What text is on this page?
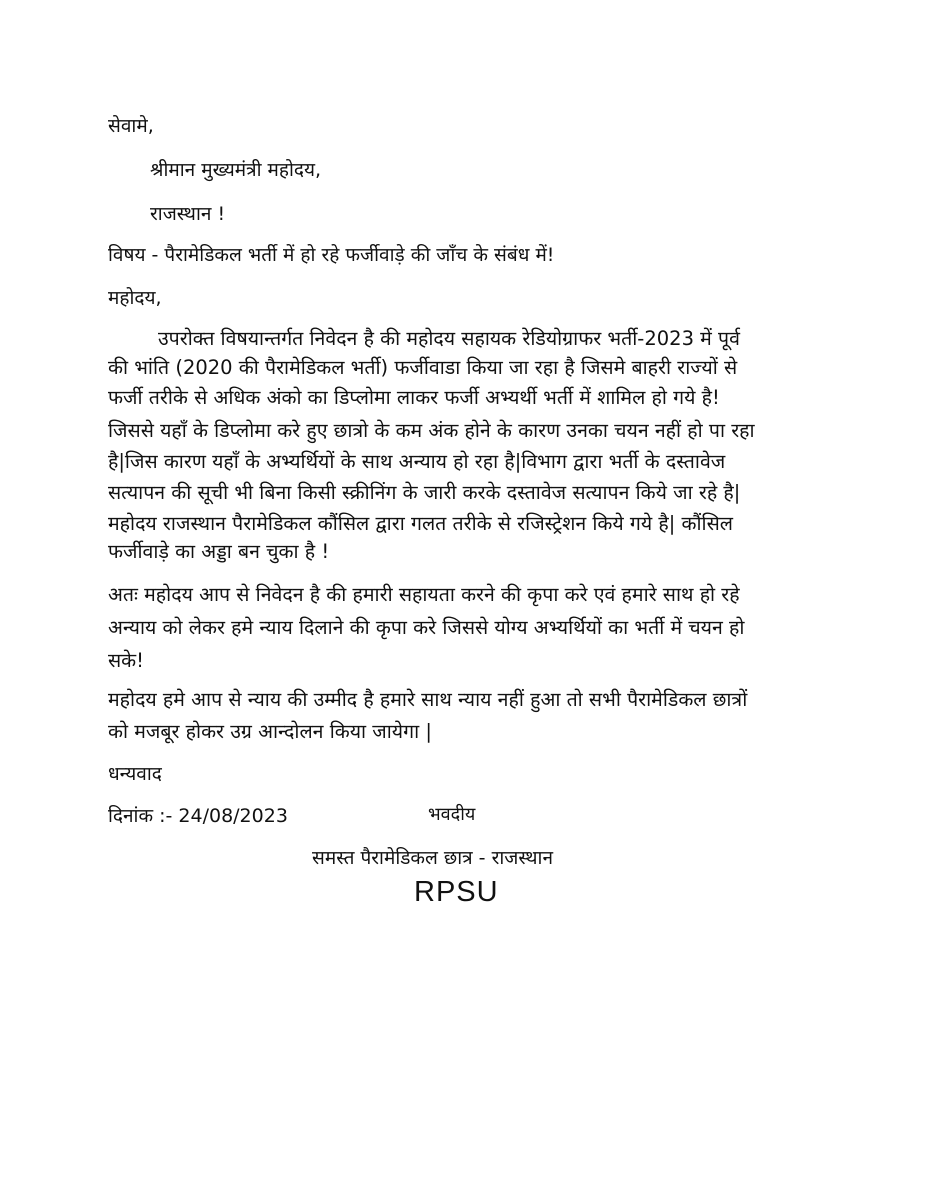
सेवामे,
श्रीमान मुख्यमंत्री महोदय,
राजस्थान !
विषय - पैरामेडिकल भर्ती में हो रहे फर्जीवाड़े की जाँच के संबंध में!
महोदय,
उपरोक्त विषयान्तर्गत निवेदन है की महोदय सहायक रेडियोग्राफर भर्ती-2023 में पूर्व
की भांति (2020 की पैरामेडिकल भर्ती) फर्जीवाडा किया जा रहा है जिसमे बाहरी राज्यों से
फर्जी तरीके से अधिक अंको का डिप्लोमा लाकर फर्जी अभ्यर्थी भर्ती में शामिल हो गये है!
जिससे यहाँ के डिप्लोमा करे हुए छात्रो के कम अंक होने के कारण उनका चयन नहीं हो पा रहा
है|जिस कारण यहाँ के अभ्यर्थियों के साथ अन्याय हो रहा है|विभाग द्वारा भर्ती के दस्तावेज
सत्यापन की सूची भी बिना किसी स्क्रीनिंग के जारी करके दस्तावेज सत्यापन किये जा रहे है|
महोदय राजस्थान पैरामेडिकल कौंसिल द्वारा गलत तरीके से रजिस्ट्रेशन किये गये है| कौंसिल
फर्जीवाड़े का अड्डा बन चुका है !
अतः महोदय आप से निवेदन है की हमारी सहायता करने की कृपा करे एवं हमारे साथ हो रहे
अन्याय को लेकर हमे न्याय दिलाने की कृपा करे जिससे योग्य अभ्यर्थियों का भर्ती में चयन हो
सके!
महोदय हमे आप से न्याय की उम्मीद है हमारे साथ न्याय नहीं हुआ तो सभी पैरामेडिकल छात्रों
को मजबूर होकर उग्र आन्दोलन किया जायेगा |
धन्यवाद
दिनांक :- 24/08/2023	भवदीय
समस्त पैरामेडिकल छात्र - राजस्थान
RPSU
